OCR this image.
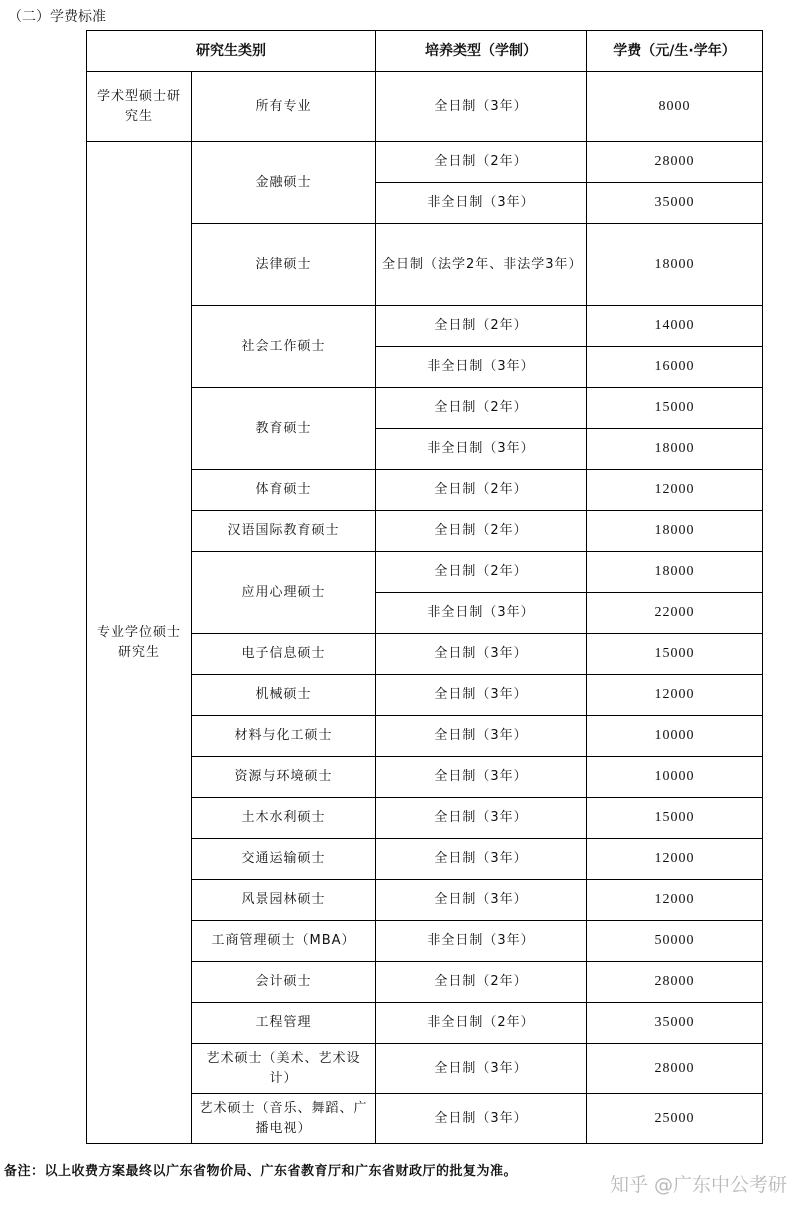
（二）学费标准
研究生类别		培养类型（学制）	学费（元/生·学年）
学术型硕士研究生	所有专业	全日制（3年）	8000
专业学位硕士研究生	金融硕士	全日制（2年）	28000
		非全日制（3年）	35000
	法律硕士	全日制（法学2年、非法学3年）	18000
	社会工作硕士	全日制（2年）	14000
		非全日制（3年）	16000
	教育硕士	全日制（2年）	15000
		非全日制（3年）	18000
	体育硕士	全日制（2年）	12000
	汉语国际教育硕士	全日制（2年）	18000
	应用心理硕士	全日制（2年）	18000
		非全日制（3年）	22000
	电子信息硕士	全日制（3年）	15000
	机械硕士	全日制（3年）	12000
	材料与化工硕士	全日制（3年）	10000
	资源与环境硕士	全日制（3年）	10000
	土木水利硕士	全日制（3年）	15000
	交通运输硕士	全日制（3年）	12000
	风景园林硕士	全日制（3年）	12000
	工商管理硕士（MBA）	非全日制（3年）	50000
	会计硕士	全日制（2年）	28000
	工程管理	非全日制（2年）	35000
	艺术硕士（美术、艺术设计）	全日制（3年）	28000
	艺术硕士（音乐、舞蹈、广播电视）	全日制（3年）	25000
备注：以上收费方案最终以广东省物价局、广东省教育厅和广东省财政厅的批复为准。
知乎 @广东中公考研
